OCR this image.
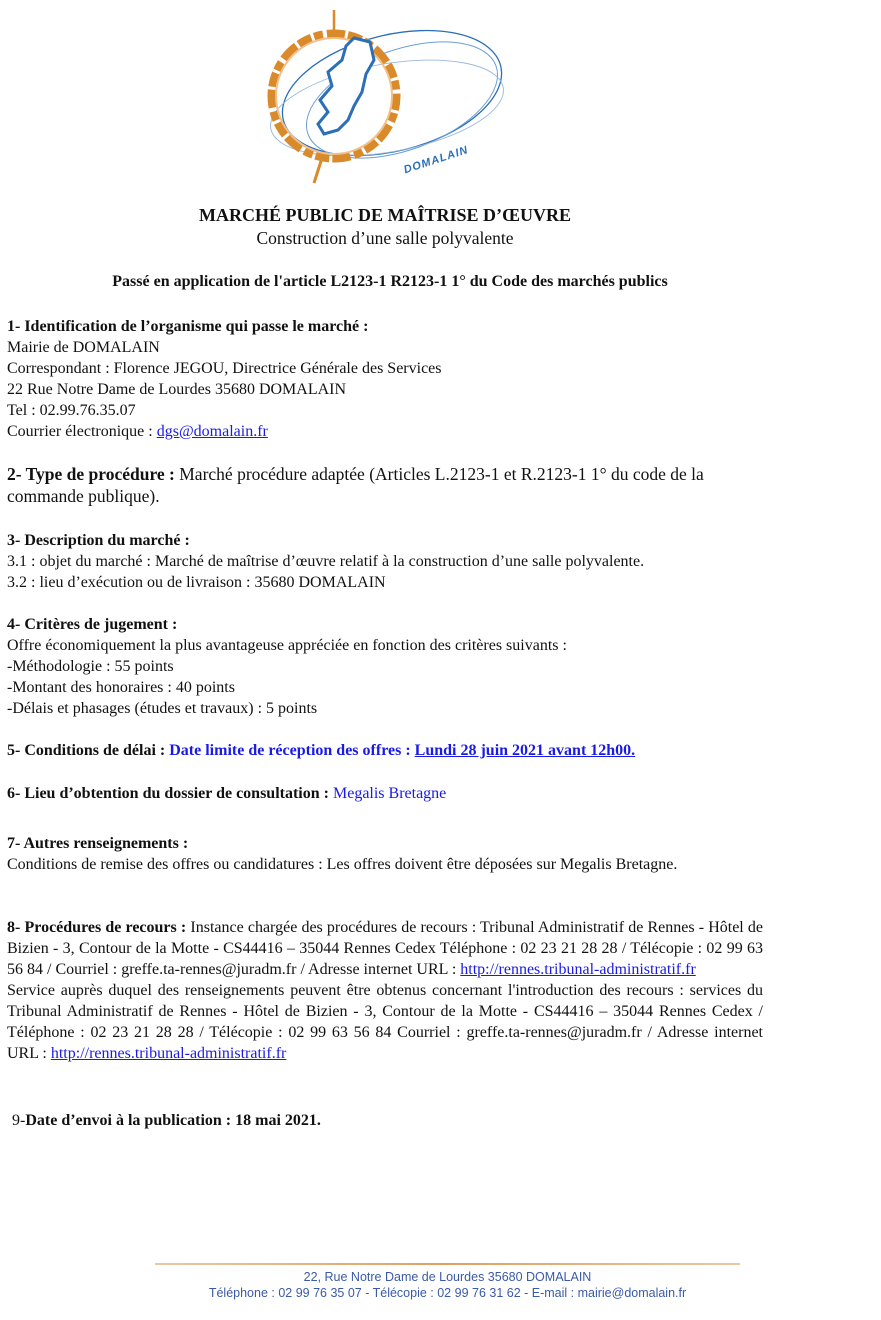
DOMALAIN
MARCHÉ PUBLIC DE MAÎTRISE D’ŒUVRE
Construction d’une salle polyvalente
Passé en application de l'article L2123-1 R2123-1 1° du Code des marchés publics
1- Identification de l’organisme qui passe le marché :
Mairie de DOMALAIN
Correspondant : Florence JEGOU, Directrice Générale des Services
22 Rue Notre Dame de Lourdes 35680 DOMALAIN
Tel : 02.99.76.35.07
Courrier électronique : dgs@domalain.fr
2- Type de procédure : Marché procédure adaptée (Articles L.2123-1 et R.2123-1 1° du code de la commande publique).
3- Description du marché :
3.1 : objet du marché : Marché de maîtrise d’œuvre relatif à la construction d’une salle polyvalente.
3.2 : lieu d’exécution ou de livraison : 35680 DOMALAIN
4- Critères de jugement :
Offre économiquement la plus avantageuse appréciée en fonction des critères suivants :
-Méthodologie : 55 points
-Montant des honoraires : 40 points
-Délais et phasages (études et travaux) : 5 points
5- Conditions de délai : Date limite de réception des offres : Lundi 28 juin 2021 avant 12h00.
6- Lieu d’obtention du dossier de consultation : Megalis Bretagne
7- Autres renseignements :
Conditions de remise des offres ou candidatures : Les offres doivent être déposées sur Megalis Bretagne.
8- Procédures de recours : Instance chargée des procédures de recours : Tribunal Administratif de Rennes - Hôtel de Bizien - 3, Contour de la Motte - CS44416 – 35044 Rennes Cedex Téléphone : 02 23 21 28 28 / Télécopie : 02 99 63 56 84 / Courriel : greffe.ta-rennes@juradm.fr / Adresse internet URL : http://rennes.tribunal-administratif.fr
Service auprès duquel des renseignements peuvent être obtenus concernant l'introduction des recours : services du Tribunal Administratif de Rennes - Hôtel de Bizien - 3, Contour de la Motte - CS44416 – 35044 Rennes Cedex / Téléphone : 02 23 21 28 28 / Télécopie : 02 99 63 56 84 Courriel : greffe.ta-rennes@juradm.fr / Adresse internet URL : http://rennes.tribunal-administratif.fr
9-Date d’envoi à la publication : 18 mai 2021.
22, Rue Notre Dame de Lourdes 35680 DOMALAIN
Téléphone : 02 99 76 35 07 - Télécopie : 02 99 76 31 62 - E-mail : mairie@domalain.fr
